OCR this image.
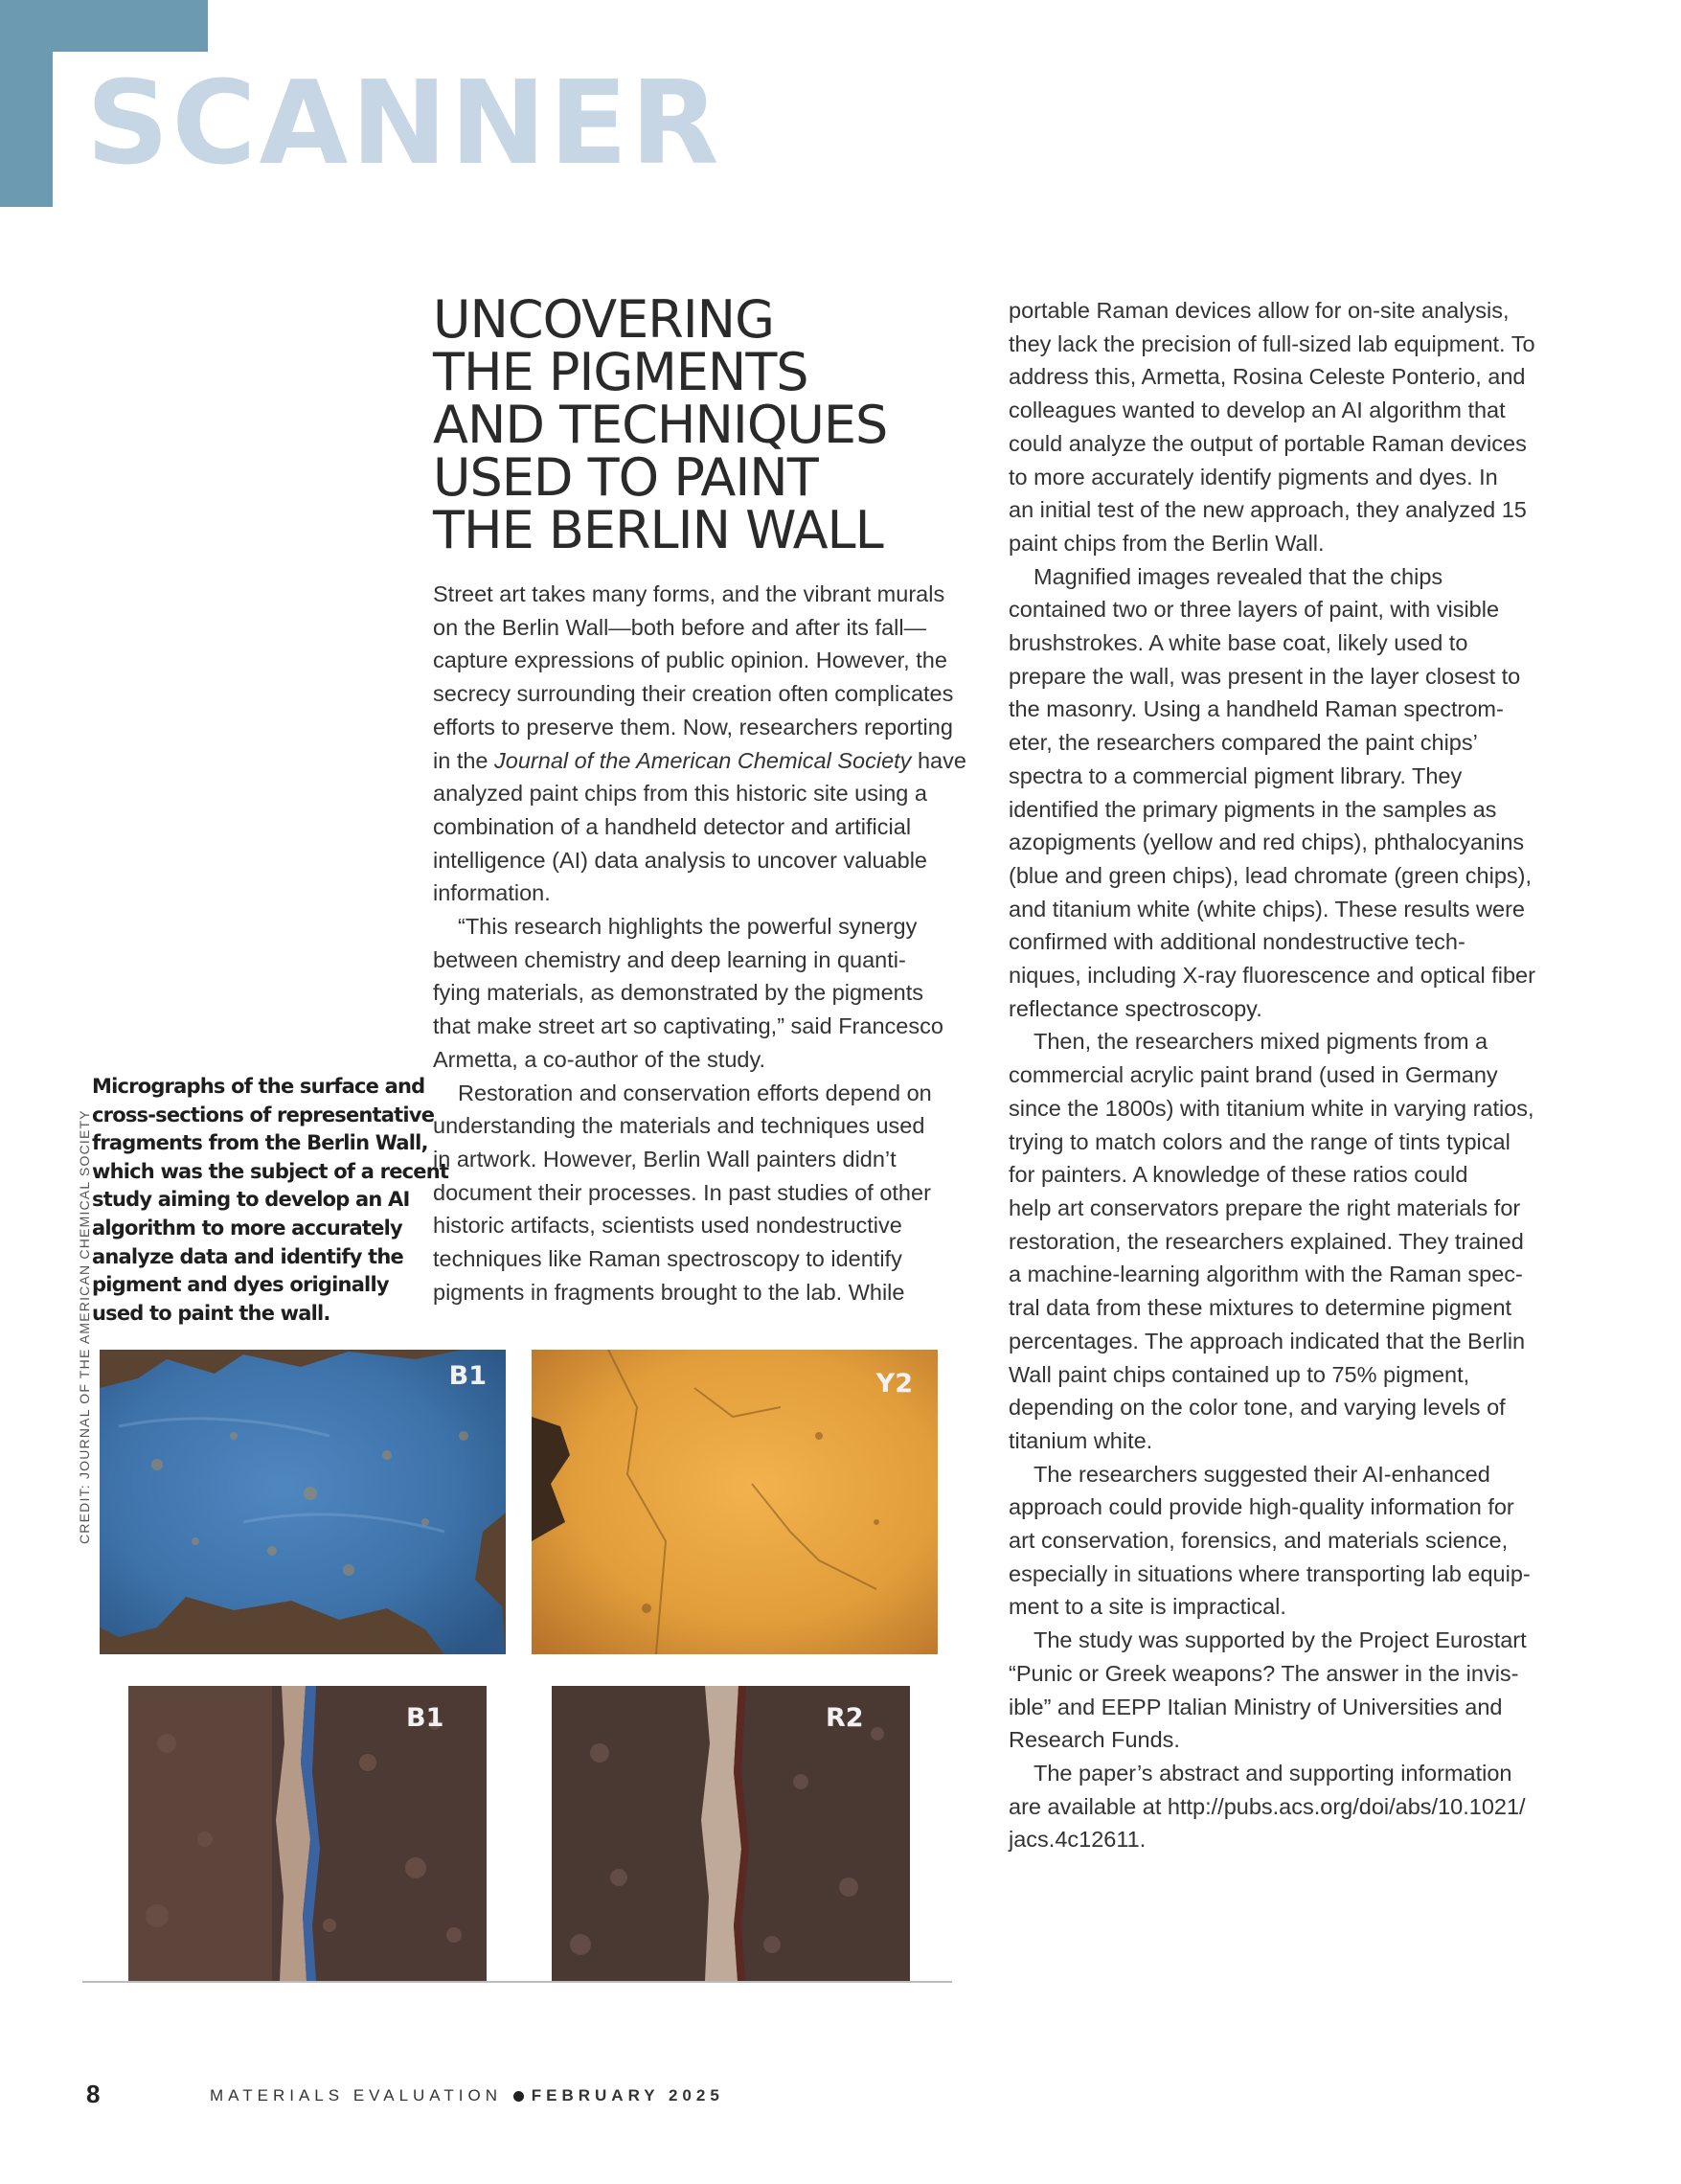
SCANNER
UNCOVERING
THE PIGMENTS
AND TECHNIQUES
USED TO PAINT
THE BERLIN WALL

Street art takes many forms, and the vibrant murals
on the Berlin Wall—both before and after its fall—
capture expressions of public opinion. However, the
secrecy surrounding their creation often complicates
efforts to preserve them. Now, researchers reporting
in the Journal of the American Chemical Society have
analyzed paint chips from this historic site using a
combination of a handheld detector and artificial
intelligence (AI) data analysis to uncover valuable
information.

“This research highlights the powerful synergy
between chemistry and deep learning in quanti-
fying materials, as demonstrated by the pigments
that make street art so captivating,” said Francesco
Armetta, a co-author of the study.

Restoration and conservation efforts depend on
understanding the materials and techniques used
in artwork. However, Berlin Wall painters didn’t
document their processes. In past studies of other
historic artifacts, scientists used nondestructive
techniques like Raman spectroscopy to identify
pigments in fragments brought to the lab. While

portable Raman devices allow for on-site analysis,
they lack the precision of full-sized lab equipment. To
address this, Armetta, Rosina Celeste Ponterio, and
colleagues wanted to develop an AI algorithm that
could analyze the output of portable Raman devices
to more accurately identify pigments and dyes. In
an initial test of the new approach, they analyzed 15
paint chips from the Berlin Wall.

Magnified images revealed that the chips
contained two or three layers of paint, with visible
brushstrokes. A white base coat, likely used to
prepare the wall, was present in the layer closest to
the masonry. Using a handheld Raman spectrom-
eter, the researchers compared the paint chips’
spectra to a commercial pigment library. They
identified the primary pigments in the samples as
azopigments (yellow and red chips), phthalocyanins
(blue and green chips), lead chromate (green chips),
and titanium white (white chips). These results were
confirmed with additional nondestructive tech-
niques, including X-ray fluorescence and optical fiber
reflectance spectroscopy.

Then, the researchers mixed pigments from a
commercial acrylic paint brand (used in Germany
since the 1800s) with titanium white in varying ratios,
trying to match colors and the range of tints typical
for painters. A knowledge of these ratios could
help art conservators prepare the right materials for
restoration, the researchers explained. They trained
a machine-learning algorithm with the Raman spec-
tral data from these mixtures to determine pigment
percentages. The approach indicated that the Berlin
Wall paint chips contained up to 75% pigment,
depending on the color tone, and varying levels of
titanium white.

The researchers suggested their AI-enhanced
approach could provide high-quality information for
art conservation, forensics, and materials science,
especially in situations where transporting lab equip-
ment to a site is impractical.

The study was supported by the Project Eurostart
“Punic or Greek weapons? The answer in the invis-
ible” and EEPP Italian Ministry of Universities and
Research Funds.

The paper’s abstract and supporting information
are available at http://pubs.acs.org/doi/abs/10.1021/
jacs.4c12611.

Micrographs of the surface and
cross-sections of representative
fragments from the Berlin Wall,
which was the subject of a recent
study aiming to develop an AI
algorithm to more accurately
analyze data and identify the
pigment and dyes originally
used to paint the wall.

CREDIT: JOURNAL OF THE AMERICAN CHEMICAL SOCIETY	B1	Y2
B1	R2
8	MATERIALS EVALUATION FEBRUARY 2025
